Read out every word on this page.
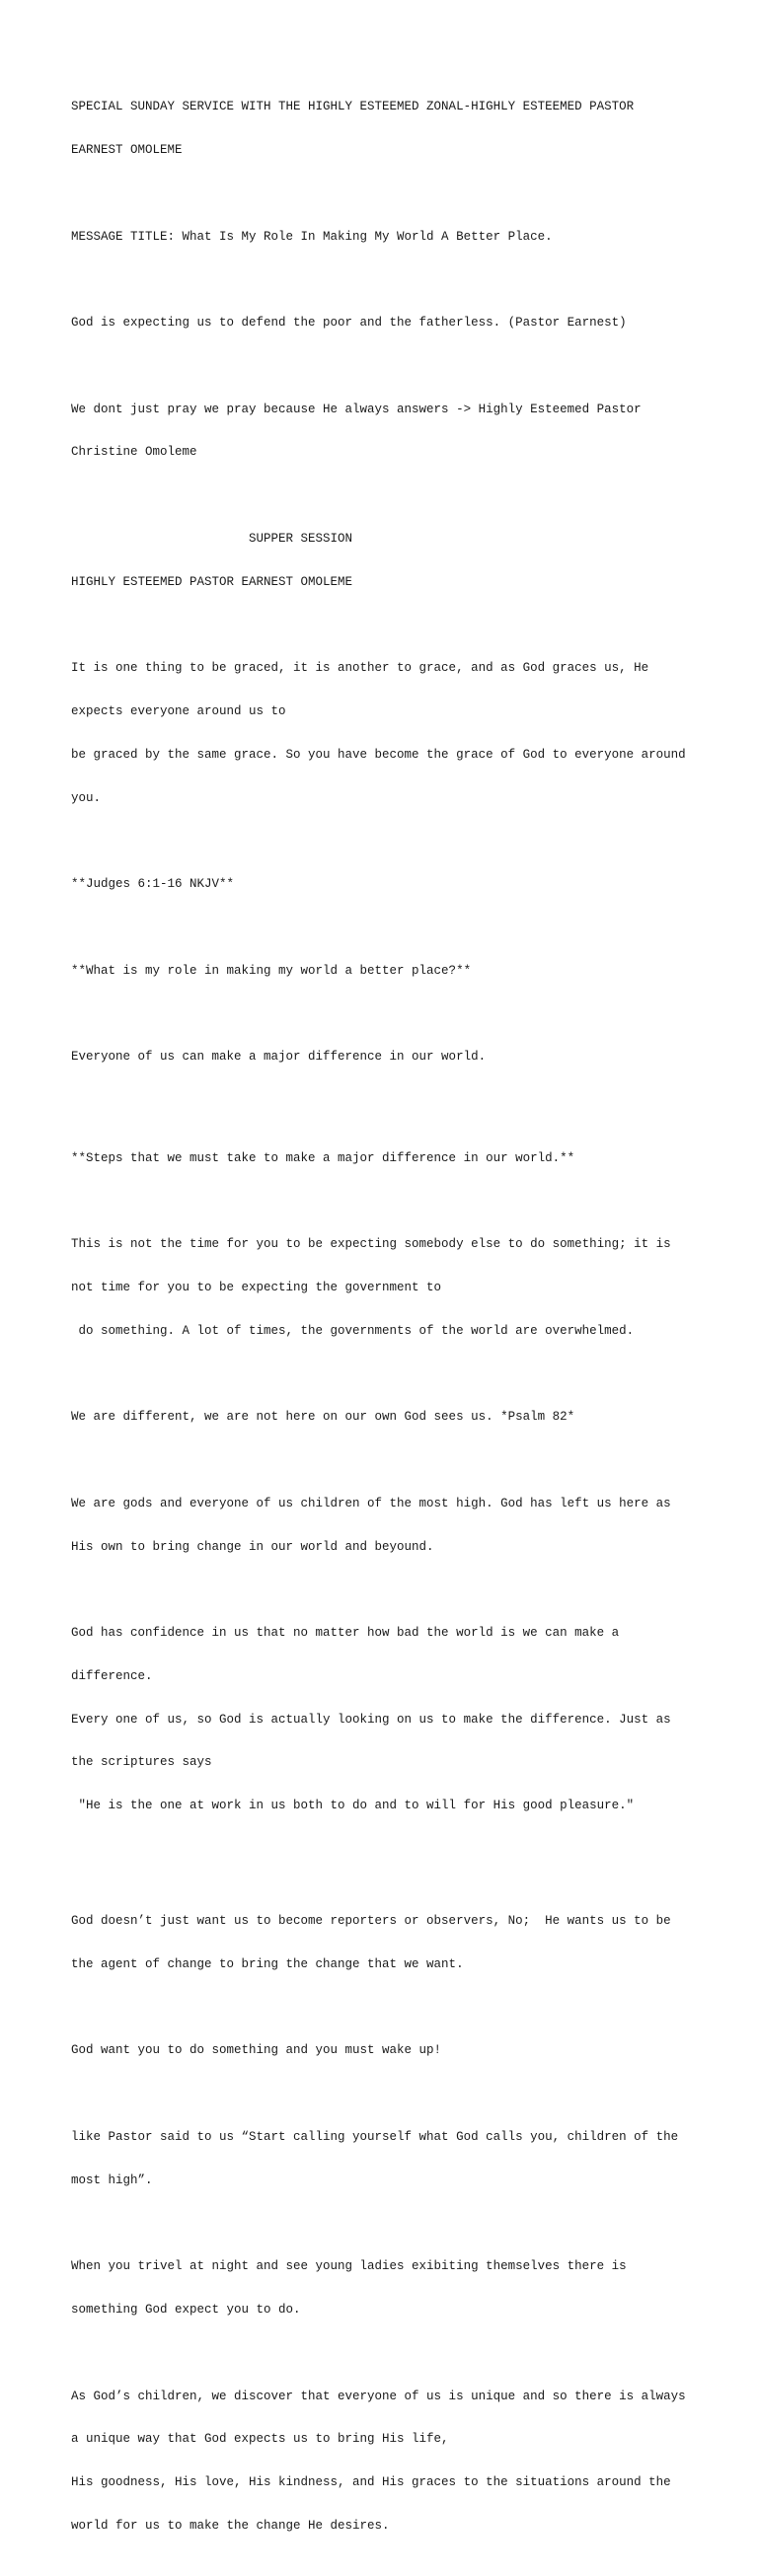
SPECIAL SUNDAY SERVICE WITH THE HIGHLY ESTEEMED ZONAL-HIGHLY ESTEEMED PASTOR

EARNEST OMOLEME

MESSAGE TITLE: What Is My Role In Making My World A Better Place.

God is expecting us to defend the poor and the fatherless. (Pastor Earnest)

We dont just pray we pray because He always answers -> Highly Esteemed Pastor

Christine Omoleme

SUPPER SESSION

HIGHLY ESTEEMED PASTOR EARNEST OMOLEME

It is one thing to be graced, it is another to grace, and as God graces us, He

expects everyone around us to

be graced by the same grace. So you have become the grace of God to everyone around

you.

**Judges 6:1-16 NKJV**

**What is my role in making my world a better place?**

Everyone of us can make a major difference in our world.

**Steps that we must take to make a major difference in our world.**

This is not the time for you to be expecting somebody else to do something; it is

not time for you to be expecting the government to

do something. A lot of times, the governments of the world are overwhelmed.

We are different, we are not here on our own God sees us. *Psalm 82*

We are gods and everyone of us children of the most high. God has left us here as

His own to bring change in our world and beyound.

God has confidence in us that no matter how bad the world is we can make a

difference.

Every one of us, so God is actually looking on us to make the difference. Just as

the scriptures says

"He is the one at work in us both to do and to will for His good pleasure."

God doesn’t just want us to become reporters or observers, No;  He wants us to be

the agent of change to bring the change that we want.

God want you to do something and you must wake up!

like Pastor said to us “Start calling yourself what God calls you, children of the

most high”.

When you trivel at night and see young ladies exibiting themselves there is

something God expect you to do.

As God’s children, we discover that everyone of us is unique and so there is always

a unique way that God expects us to bring His life,

His goodness, His love, His kindness, and His graces to the situations around the

world for us to make the change He desires.
